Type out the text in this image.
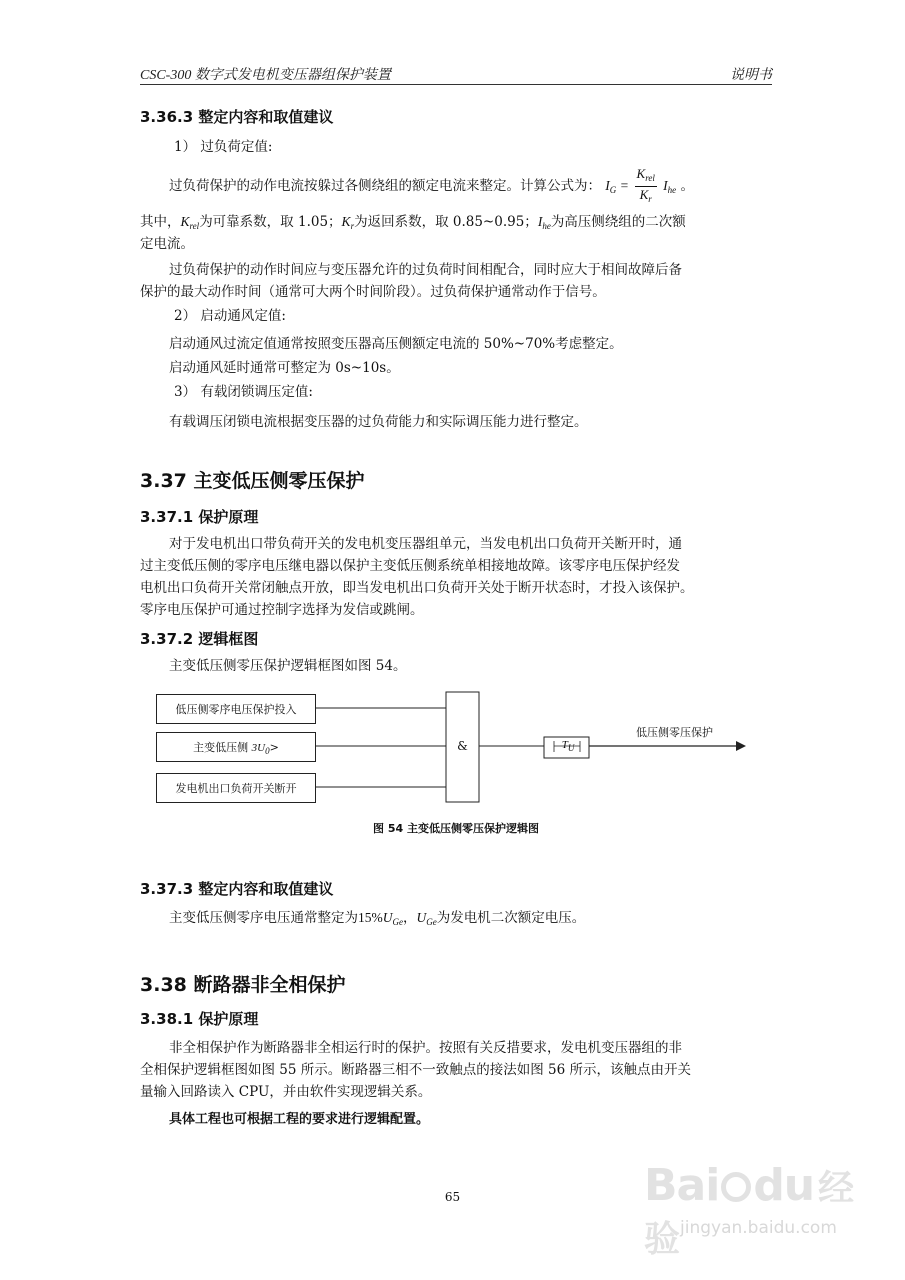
CSC-300 数字式发电机变压器组保护装置	说明书
3.36.3 整定内容和取值建议

1） 过负荷定值:

过负荷保护的动作电流按躲过各侧绕组的额定电流来整定。计算公式为： $I_G = \frac{K_{rel}}{K_r} I_{he}$ 。

其中，$K_{rel}$为可靠系数，取 1.05；$K_r$为返回系数，取 0.85~0.95；$I_{he}$为高压侧绕组的二次额

定电流。

过负荷保护的动作时间应与变压器允许的过负荷时间相配合，同时应大于相间故障后备

保护的最大动作时间（通常可大两个时间阶段）。过负荷保护通常动作于信号。

2） 启动通风定值:

启动通风过流定值通常按照变压器高压侧额定电流的 50%~70%考虑整定。

启动通风延时通常可整定为 0s~10s。

3） 有载闭锁调压定值:

有载调压闭锁电流根据变压器的过负荷能力和实际调压能力进行整定。

3.37 主变低压侧零压保护
3.37.1 保护原理

对于发电机出口带负荷开关的发电机变压器组单元，当发电机出口负荷开关断开时，通

过主变低压侧的零序电压继电器以保护主变低压侧系统单相接地故障。该零序电压保护经发

电机出口负荷开关常闭触点开放，即当发电机出口负荷开关处于断开状态时，才投入该保护。

零序电压保护可通过控制字选择为发信或跳闸。

3.37.2 逻辑框图

主变低压侧零压保护逻辑框图如图 54。

低压侧零序电压保护投入
主变低压侧 $3U_0>$
发电机出口负荷开关断开
&	$T_U$
低压侧零压保护
图 54 主变低压侧零压保护逻辑图
3.37.3 整定内容和取值建议

主变低压侧零序电压通常整定为$15\%U_{Ge}$，$U_{Ge}$为发电机二次额定电压。

3.38 断路器非全相保护
3.38.1 保护原理

非全相保护作为断路器非全相运行时的保护。按照有关反措要求，发电机变压器组的非

全相保护逻辑框图如图 55 所示。断路器三相不一致触点的接法如图 56 所示，该触点由开关

量输入回路读入 CPU，并由软件实现逻辑关系。

具体工程也可根据工程的要求进行逻辑配置。

65	Bai du 经验 jingyan.baidu.com
